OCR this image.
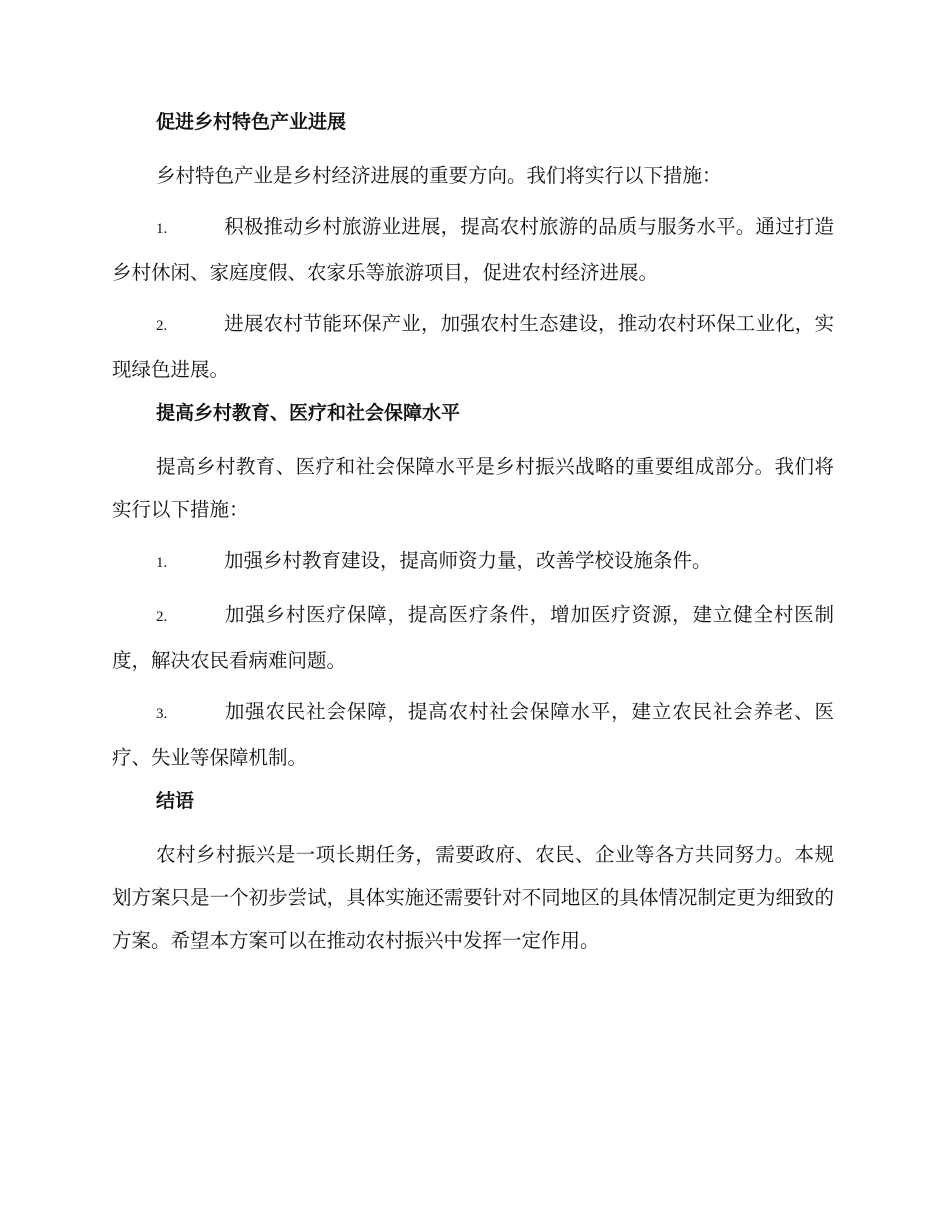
促进乡村特色产业进展

乡村特色产业是乡村经济进展的重要方向。我们将实行以下措施：

1.	积极推动乡村旅游业进展，提高农村旅游的品质与服务水平。通过打造乡村休闲、家庭度假、农家乐等旅游项目，促进农村经济进展。

2.	进展农村节能环保产业，加强农村生态建设，推动农村环保工业化，实现绿色进展。

提高乡村教育、医疗和社会保障水平

提高乡村教育、医疗和社会保障水平是乡村振兴战略的重要组成部分。我们将实行以下措施：

1.	加强乡村教育建设，提高师资力量，改善学校设施条件。

2.	加强乡村医疗保障，提高医疗条件，增加医疗资源，建立健全村医制度，解决农民看病难问题。

3.	加强农民社会保障，提高农村社会保障水平，建立农民社会养老、医疗、失业等保障机制。

结语

农村乡村振兴是一项长期任务，需要政府、农民、企业等各方共同努力。本规划方案只是一个初步尝试，具体实施还需要针对不同地区的具体情况制定更为细致的方案。希望本方案可以在推动农村振兴中发挥一定作用。
